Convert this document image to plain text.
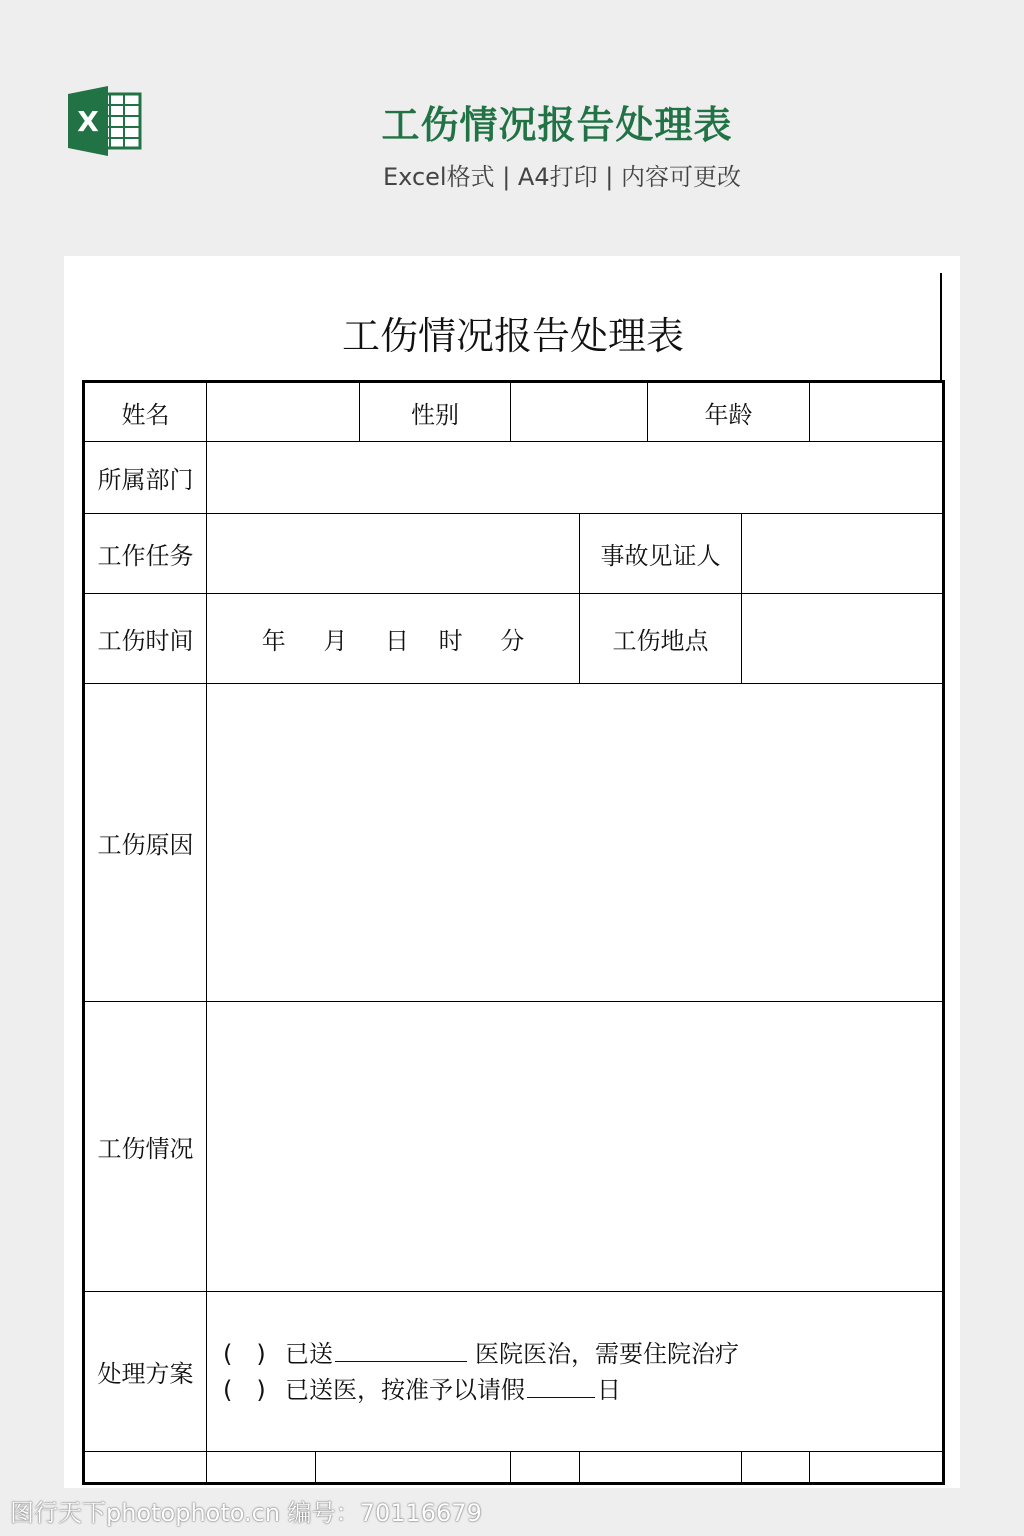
X	工伤情况报告处理表
Excel格式 | A4打印 | 内容可更改
工伤情况报告处理表
姓名			性别			年龄		
所属部门								
工作任务					事故见证人			
工伤时间	年 月 日 时 分				工伤地点			
工伤原因								
工伤情况								
处理方案	(　) 已送 医院医治，需要住院治疗
(　) 已送医，按准予以请假 日							

图行天下photophoto.cn 编号：70116679
